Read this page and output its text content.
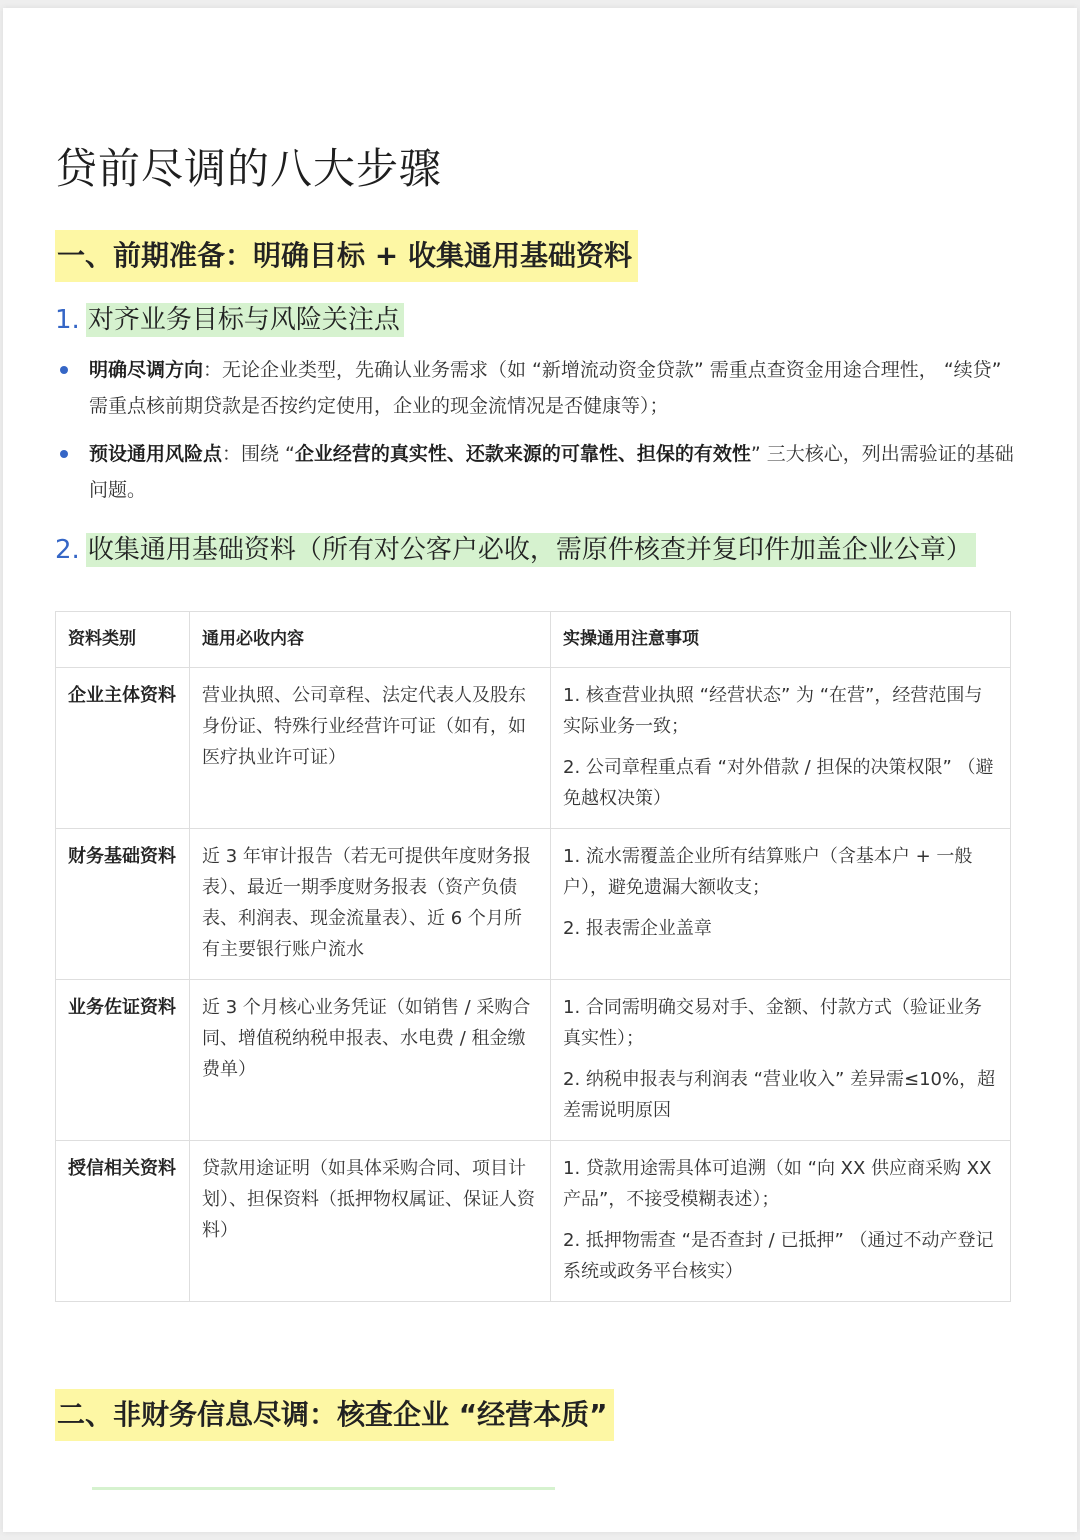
贷前尽调的八大步骤
一、前期准备：明确目标 + 收集通用基础资料
1. 对齐业务目标与风险关注点
明确尽调方向：无论企业类型，先确认业务需求（如 “新增流动资金贷款” 需重点查资金用途合理性， “续贷” 需重点核前期贷款是否按约定使用，企业的现金流情况是否健康等）；
预设通用风险点：围绕 “企业经营的真实性、还款来源的可靠性、担保的有效性” 三大核心，列出需验证的基础问题。
2. 收集通用基础资料（所有对公客户必收，需原件核查并复印件加盖企业公章）
资料类别	通用必收内容	实操通用注意事项
企业主体资料	营业执照、公司章程、法定代表人及股东身份证、特殊行业经营许可证（如有，如医疗执业许可证）	1. 核查营业执照 “经营状态” 为 “在营”，经营范围与实际业务一致；

2. 公司章程重点看 “对外借款 / 担保的决策权限” （避免越权决策）

财务基础资料	近 3 年审计报告（若无可提供年度财务报表）、最近一期季度财务报表（资产负债表、利润表、现金流量表）、近 6 个月所有主要银行账户流水	1. 流水需覆盖企业所有结算账户（含基本户 + 一般户），避免遗漏大额收支；

2. 报表需企业盖章

业务佐证资料	近 3 个月核心业务凭证（如销售 / 采购合同、增值税纳税申报表、水电费 / 租金缴费单）	1. 合同需明确交易对手、金额、付款方式（验证业务真实性）；

2. 纳税申报表与利润表 “营业收入” 差异需≤10%，超差需说明原因

授信相关资料	贷款用途证明（如具体采购合同、项目计划）、担保资料（抵押物权属证、保证人资料）	1. 贷款用途需具体可追溯（如 “向 XX 供应商采购 XX 产品”，不接受模糊表述）；

2. 抵押物需查 “是否查封 / 已抵押” （通过不动产登记系统或政务平台核实）

二、非财务信息尽调：核查企业 “经营本质”
